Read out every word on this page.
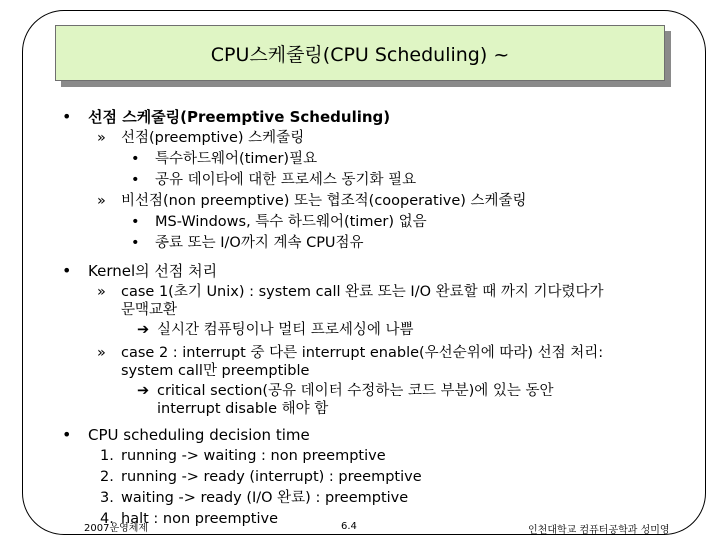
CPU스케줄링(CPU Scheduling) ~
• 선점 스케줄링(Preemptive Scheduling)
» 선점(preemptive) 스케줄링
• 특수하드웨어(timer)필요
• 공유 데이타에 대한 프로세스 동기화 필요
» 비선점(non preemptive) 또는 협조적(cooperative) 스케줄링
• MS-Windows, 특수 하드웨어(timer) 없음
• 종료 또는 I/O까지 계속 CPU점유
• Kernel의 선점 처리
» case 1(초기 Unix) : system call 완료 또는 I/O 완료할 때 까지 기다렸다가
문맥교환
➔ 실시간 컴퓨팅이나 멀티 프로세싱에 나쁨
» case 2 : interrupt 중 다른 interrupt enable(우선순위에 따라) 선점 처리:
system call만 preemptible
➔ critical section(공유 데이터 수정하는 코드 부분)에 있는 동안
interrupt disable 해야 함
• CPU scheduling decision time
1. running -> waiting : non preemptive
2. running -> ready (interrupt) : preemptive
3. waiting -> ready (I/O 완료) : preemptive
4. halt : non preemptive
2007운영체제	6.4	인천대학교 컴퓨터공학과 성미영
